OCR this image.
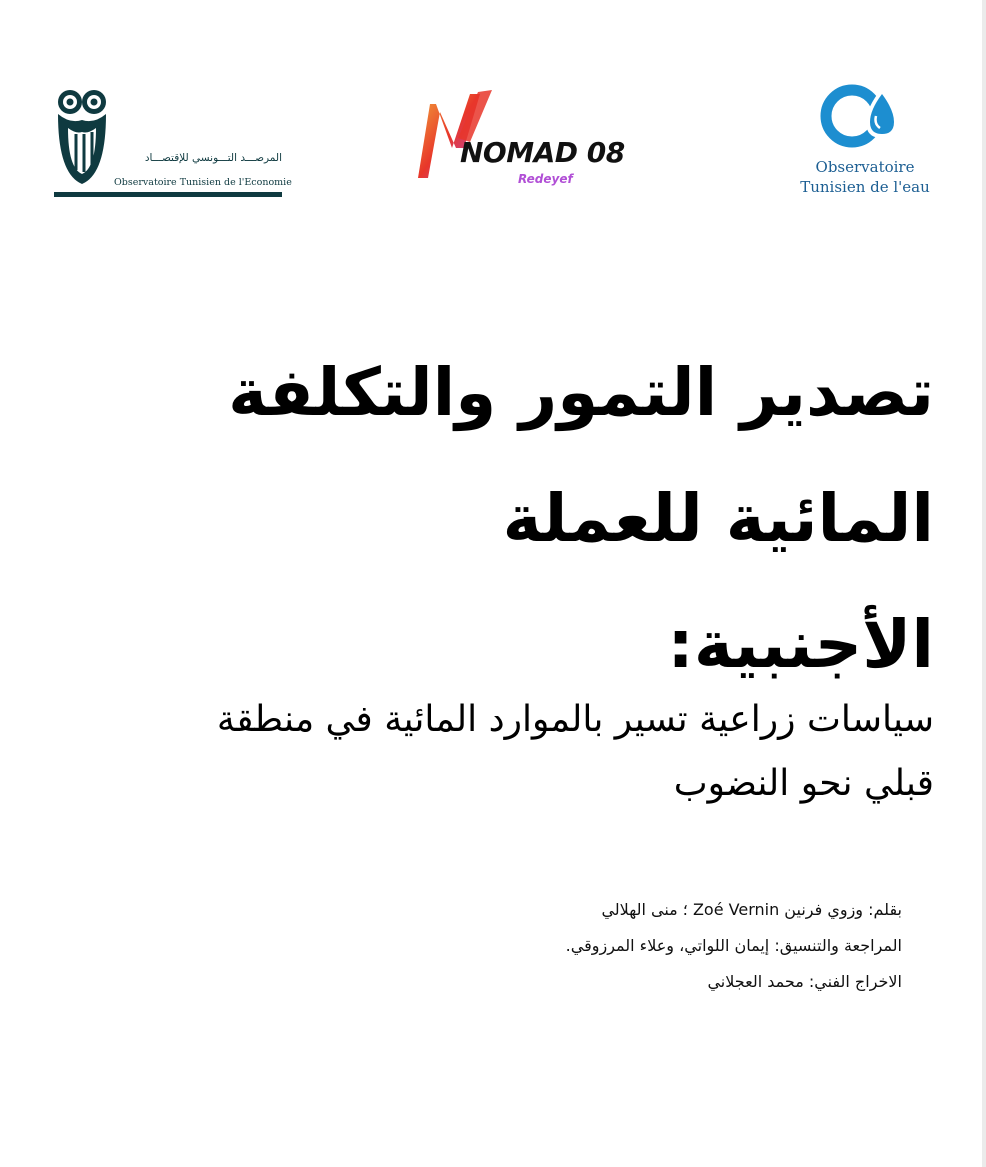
المرصـــد التـــونسي للإقتصـــاد
Observatoire Tunisien de l'Economie
NOMAD 08
Redeyef
Observatoire
Tunisien de l'eau
تصدير التمور والتكلفة
المائية للعملة
الأجنبية:
سياسات زراعية تسير بالموارد المائية في منطقة
قبلي نحو النضوب
بقلم: وزوي فرنين Zoé Vernin ؛ منى الهلالي
المراجعة والتنسيق: إيمان اللواتي، وعلاء المرزوقي.
الاخراج الفني: محمد العجلاني
